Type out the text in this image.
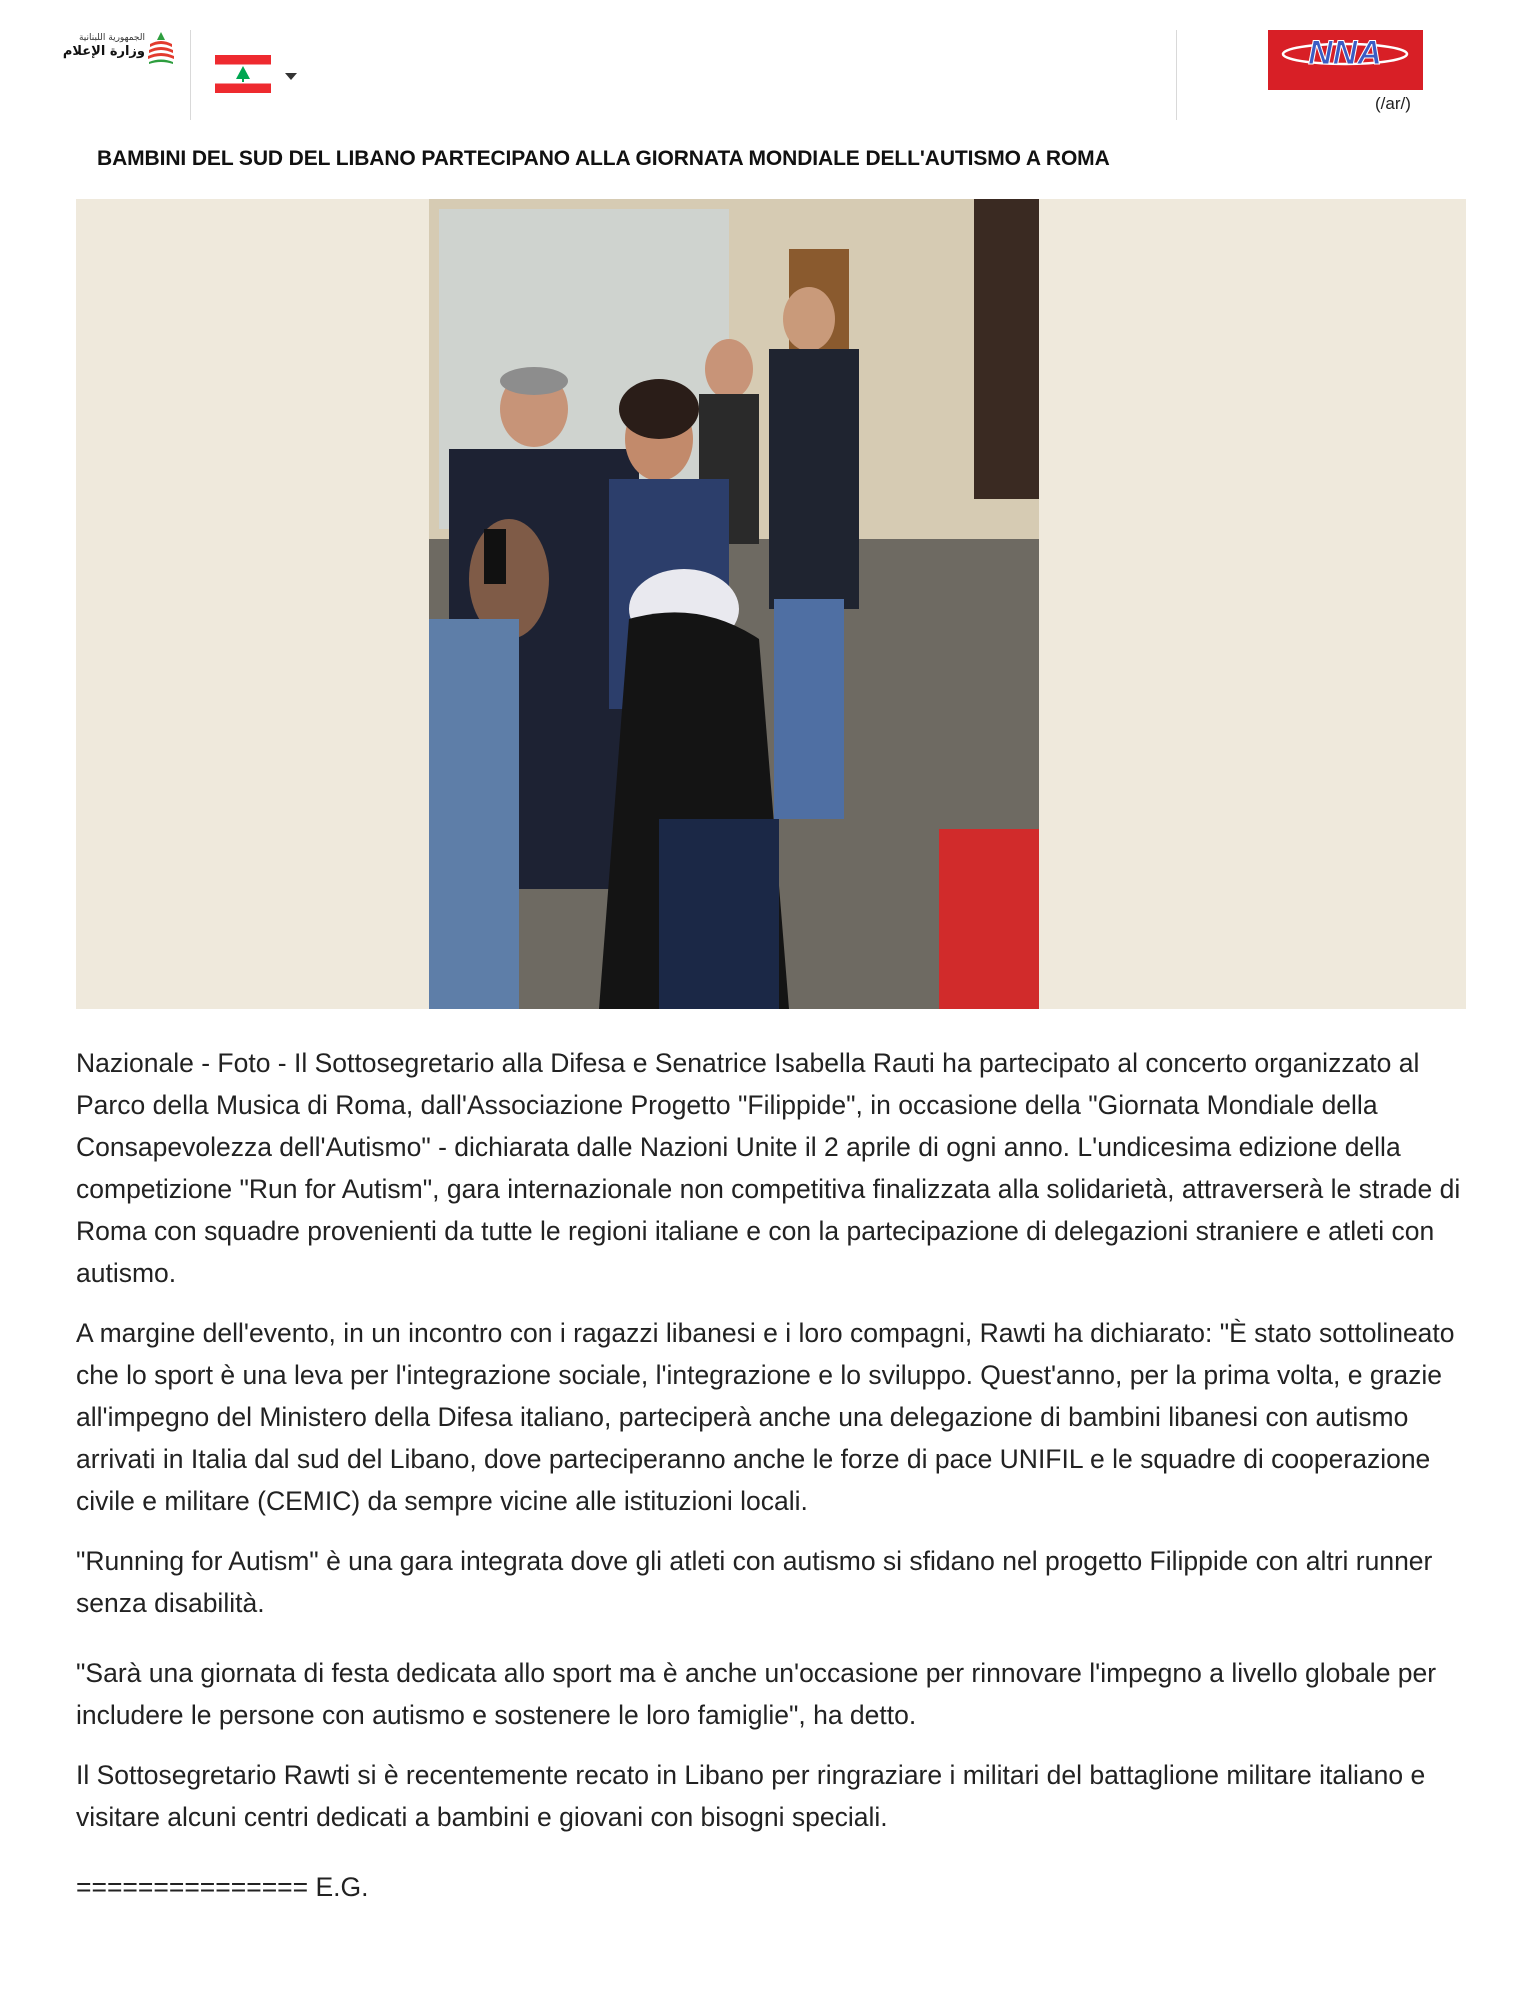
الجمهورية اللبنانية
وزارة الإعلام	NNA
(/ar/)
BAMBINI DEL SUD DEL LIBANO PARTECIPANO ALLA GIORNATA MONDIALE DELL'AUTISMO A ROMA

Nazionale - Foto - Il Sottosegretario alla Difesa e Senatrice Isabella Rauti ha partecipato al concerto organizzato al Parco della Musica di Roma, dall'Associazione Progetto "Filippide", in occasione della "Giornata Mondiale della Consapevolezza dell'Autismo" - dichiarata dalle Nazioni Unite il 2 aprile di ogni anno. L'undicesima edizione della competizione "Run for Autism", gara internazionale non competitiva finalizzata alla solidarietà, attraverserà le strade di Roma con squadre provenienti da tutte le regioni italiane e con la partecipazione di delegazioni straniere e atleti con autismo.

A margine dell'evento, in un incontro con i ragazzi libanesi e i loro compagni, Rawti ha dichiarato: "È stato sottolineato che lo sport è una leva per l'integrazione sociale, l'integrazione e lo sviluppo. Quest'anno, per la prima volta, e grazie all'impegno del Ministero della Difesa italiano, parteciperà anche una delegazione di bambini libanesi con autismo arrivati in Italia dal sud del Libano, dove parteciperanno anche le forze di pace UNIFIL e le squadre di cooperazione civile e militare (CEMIC) da sempre vicine alle istituzioni locali.

"Running for Autism" è una gara integrata dove gli atleti con autismo si sfidano nel progetto Filippide con altri runner senza disabilità.

"Sarà una giornata di festa dedicata allo sport ma è anche un'occasione per rinnovare l'impegno a livello globale per includere le persone con autismo e sostenere le loro famiglie", ha detto.

Il Sottosegretario Rawti si è recentemente recato in Libano per ringraziare i militari del battaglione militare italiano e visitare alcuni centri dedicati a bambini e giovani con bisogni speciali.

=============== E.G.
